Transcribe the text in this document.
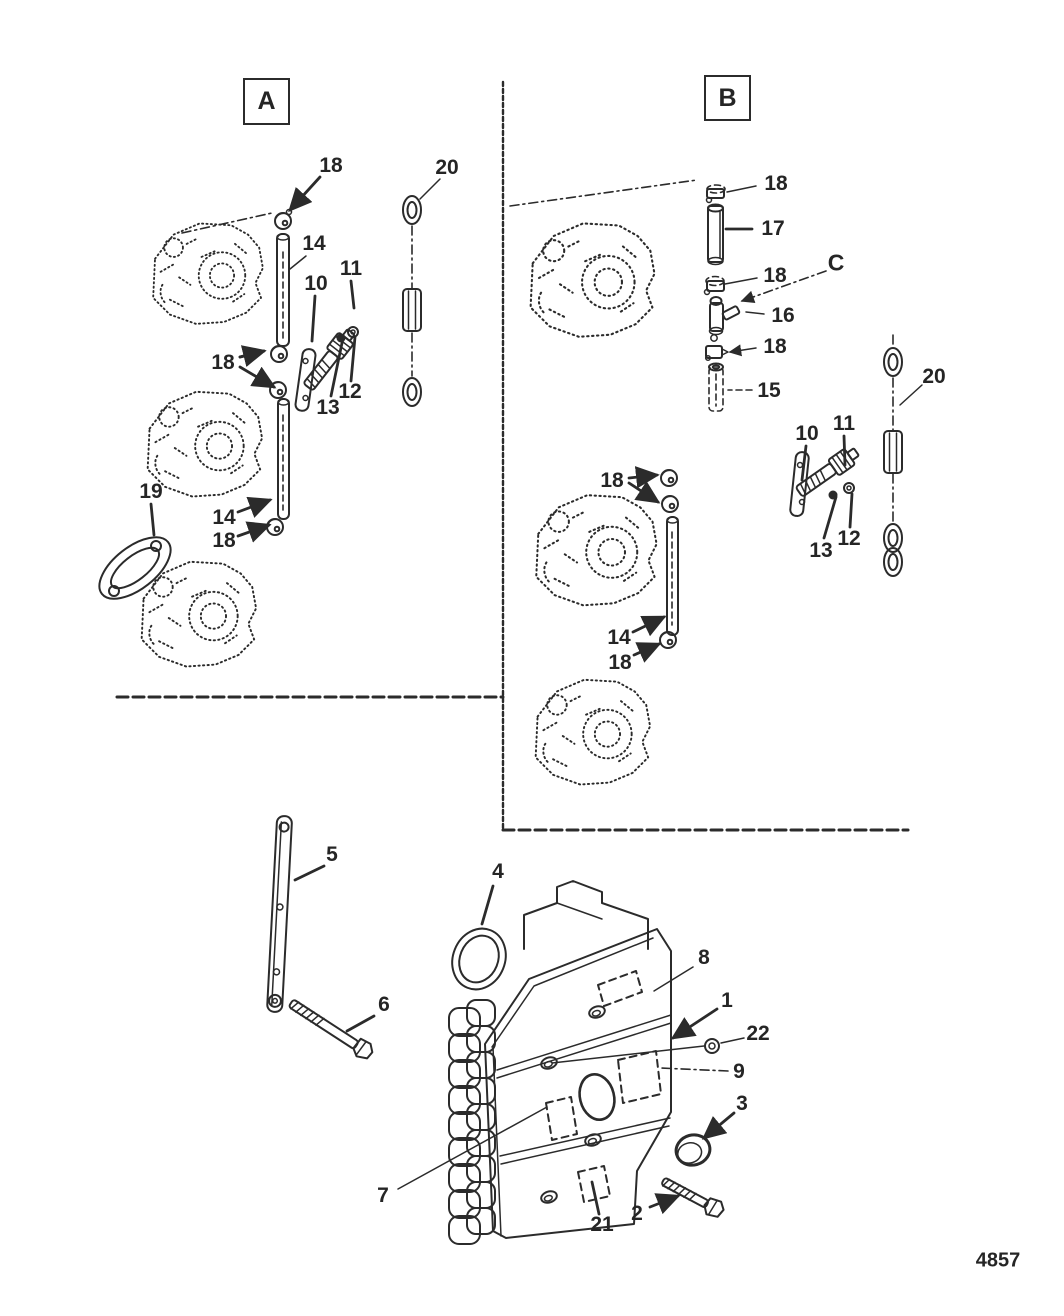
A	B
C
18	20
14
10
11
18
12
13
19
14
18
18
17
18
16
18
15
10 11
20
13
12
18
14
18
5
4
6
8
1
22
9
3
7
21 2
4857
